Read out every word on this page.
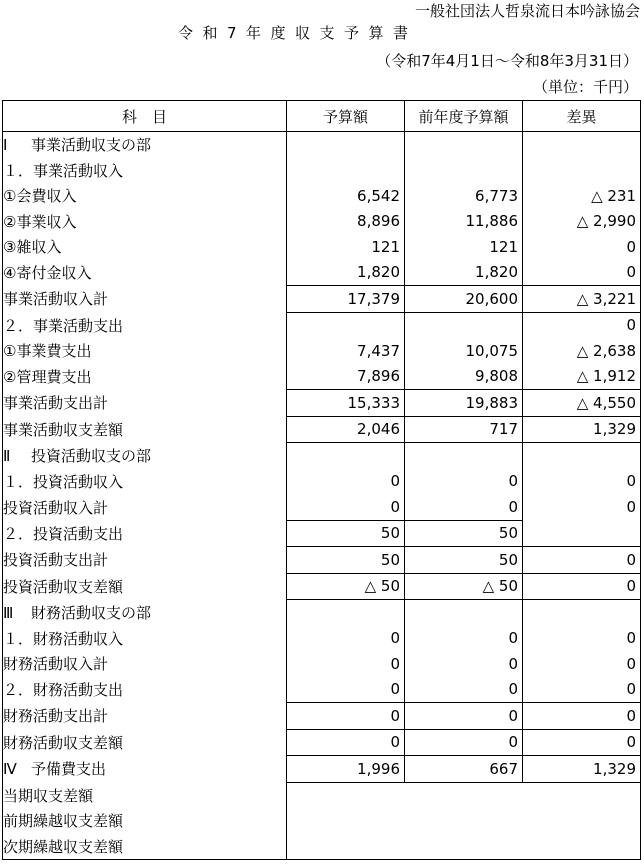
一般社団法人哲泉流日本吟詠協会
令和7年度収支予算書
（令和7年4月1日～令和8年3月31日）
（単位：千円）
科　目	予算額	前年度予算額	差異
Ⅰ 事業活動収支の部			
１．事業活動収入			
①会費収入	6,542	6,773	△ 231
②事業収入	8,896	11,886	△ 2,990
③雑収入	121	121	0
④寄付金収入	1,820	1,820	0
事業活動収入計	17,379	20,600	△ 3,221
２．事業活動支出			0
①事業費支出	7,437	10,075	△ 2,638
②管理費支出	7,896	9,808	△ 1,912
事業活動支出計	15,333	19,883	△ 4,550
事業活動収支差額	2,046	717	1,329
Ⅱ 投資活動収支の部			
１．投資活動収入	0	0	0
投資活動収入計	0	0	0
２．投資活動支出	50	50	
投資活動支出計	50	50	0
投資活動収支差額	△ 50	△ 50	0
Ⅲ 財務活動収支の部			
１．財務活動収入	0	0	0
財務活動収入計	0	0	0
２．財務活動支出	0	0	0
財務活動支出計	0	0	0
財務活動収支差額	0	0	0
Ⅳ 予備費支出	1,996	667	1,329
当期収支差額			
前期繰越収支差額			
次期繰越収支差額			
